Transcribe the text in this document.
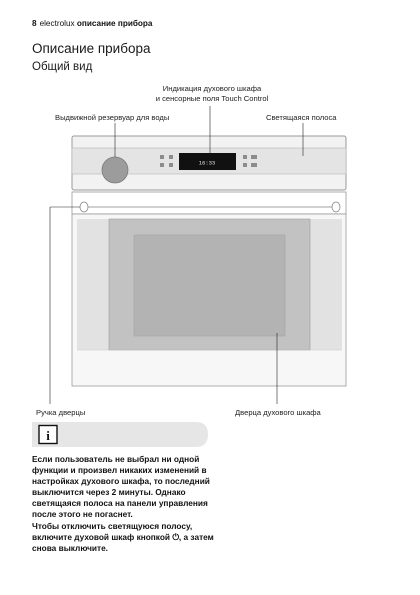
8 electrolux описание прибора
Описание прибора
Общий вид
Индикация духового шкафа
и сенсорные поля Touch Control
Выдвижной резервуар для воды	Светящаяся полоса
Ручка дверцы	Дверца духового шкафа
16:33
i

Если пользователь не выбрал ни одной функции и произвел никаких изменений в настройках духового шкафа, то последний выключится через 2 минуты. Однако светящаяся полоса на панели управления после этого не погаснет.

Чтобы отключить светящуюся полосу, включите духовой шкаф кнопкой ⏻, а затем снова выключите.
